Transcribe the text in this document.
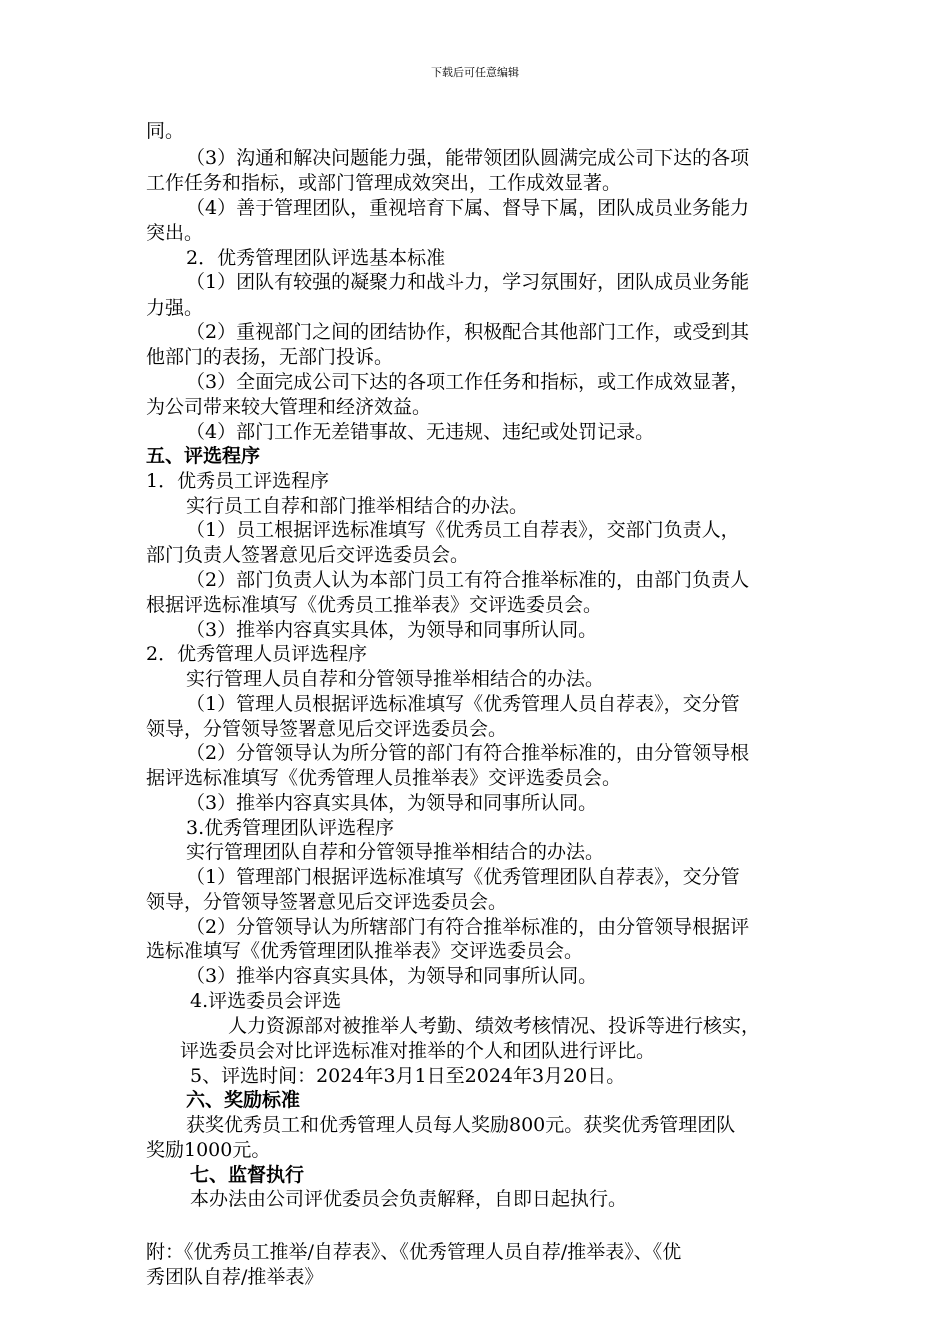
下载后可任意编辑
同。
（3）沟通和解决问题能力强，能带领团队圆满完成公司下达的各项
工作任务和指标，或部门管理成效突出，工作成效显著。
（4）善于管理团队，重视培育下属、督导下属，团队成员业务能力
突出。
2．优秀管理团队评选基本标准
（1）团队有较强的凝聚力和战斗力，学习氛围好，团队成员业务能
力强。
（2）重视部门之间的团结协作，积极配合其他部门工作，或受到其
他部门的表扬，无部门投诉。
（3）全面完成公司下达的各项工作任务和指标，或工作成效显著，
为公司带来较大管理和经济效益。
（4）部门工作无差错事故、无违规、违纪或处罚记录。
五、评选程序
1．优秀员工评选程序
实行员工自荐和部门推举相结合的办法。
（1）员工根据评选标准填写《优秀员工自荐表》，交部门负责人，
部门负责人签署意见后交评选委员会。
（2）部门负责人认为本部门员工有符合推举标准的，由部门负责人
根据评选标准填写《优秀员工推举表》交评选委员会。
（3）推举内容真实具体，为领导和同事所认同。
2．优秀管理人员评选程序
实行管理人员自荐和分管领导推举相结合的办法。
（1）管理人员根据评选标准填写《优秀管理人员自荐表》，交分管
领导，分管领导签署意见后交评选委员会。
（2）分管领导认为所分管的部门有符合推举标准的，由分管领导根
据评选标准填写《优秀管理人员推举表》交评选委员会。
（3）推举内容真实具体，为领导和同事所认同。
3.优秀管理团队评选程序
实行管理团队自荐和分管领导推举相结合的办法。
（1）管理部门根据评选标准填写《优秀管理团队自荐表》，交分管
领导，分管领导签署意见后交评选委员会。
（2）分管领导认为所辖部门有符合推举标准的，由分管领导根据评
选标准填写《优秀管理团队推举表》交评选委员会。
（3）推举内容真实具体，为领导和同事所认同。
4.评选委员会评选
人力资源部对被推举人考勤、绩效考核情况、投诉等进行核实，
评选委员会对比评选标准对推举的个人和团队进行评比。
5、评选时间：2024年3月1日至2024年3月20日。
六、奖励标准
获奖优秀员工和优秀管理人员每人奖励800元。获奖优秀管理团队
奖励1000元。
七、监督执行
本办法由公司评优委员会负责解释，自即日起执行。
附：《优秀员工推举/自荐表》、《优秀管理人员自荐/推举表》、《优
秀团队自荐/推举表》
